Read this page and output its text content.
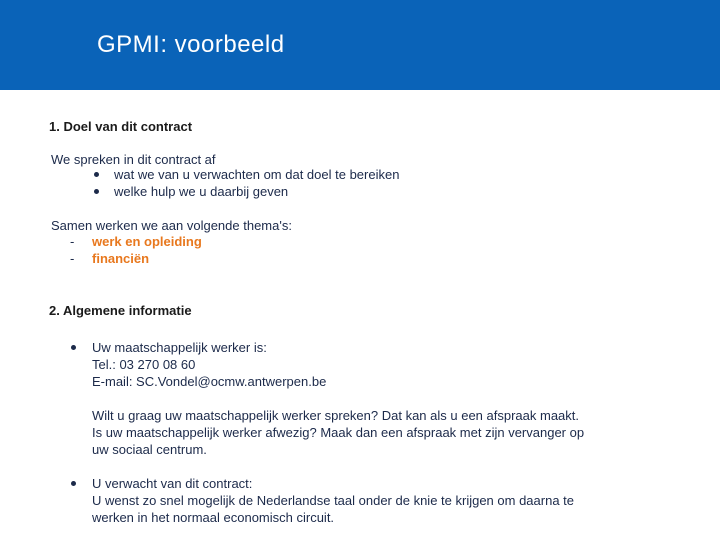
GPMI: voorbeeld
1. Doel van dit contract
We spreken in dit contract af
wat we van u verwachten om dat doel te bereiken
welke hulp we u daarbij geven
Samen werken we aan volgende thema's:
- werk en opleiding
- financiën
2. Algemene informatie
Uw maatschappelijk werker is:
Tel.: 03 270 08 60
E-mail: SC.Vondel@ocmw.antwerpen.be
Wilt u graag uw maatschappelijk werker spreken? Dat kan als u een afspraak maakt.
Is uw maatschappelijk werker afwezig? Maak dan een afspraak met zijn vervanger op
uw sociaal centrum.
U verwacht van dit contract:
U wenst zo snel mogelijk de Nederlandse taal onder de knie te krijgen om daarna te
werken in het normaal economisch circuit.
